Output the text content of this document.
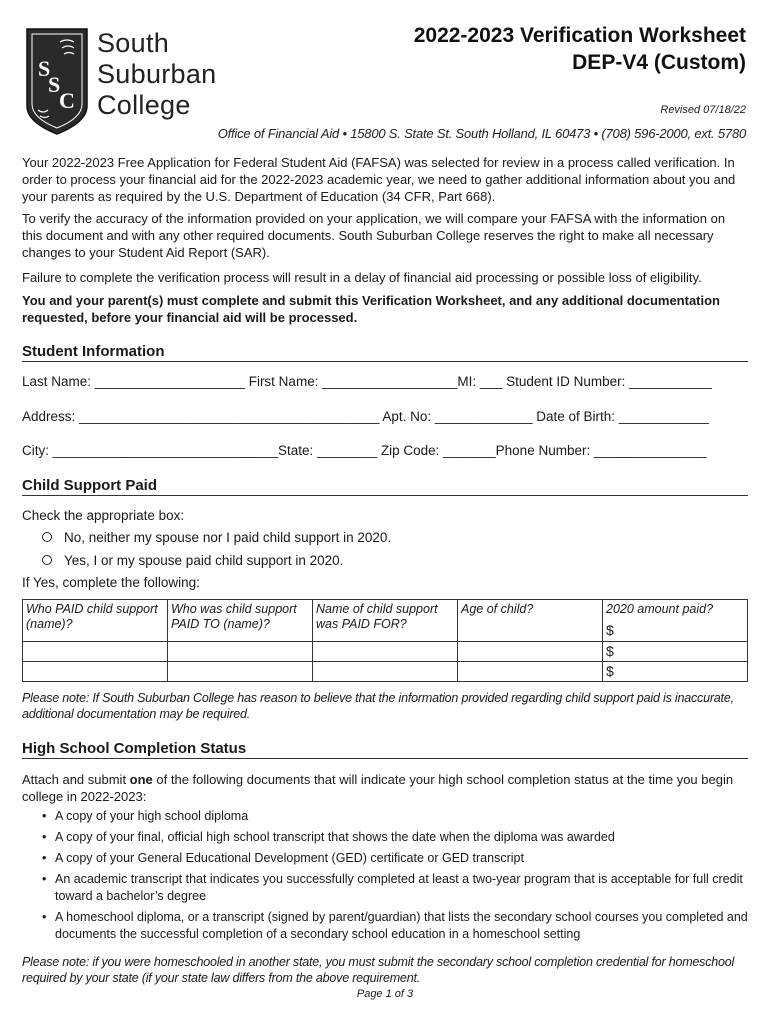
S
S
C
South
Suburban
College
2022-2023 Verification Worksheet
DEP-V4 (Custom)
Revised 07/18/22
Office of Financial Aid • 15800 S. State St. South Holland, IL 60473 • (708) 596-2000, ext. 5780

Your 2022-2023 Free Application for Federal Student Aid (FAFSA) was selected for review in a process called verification. In order to process your financial aid for the 2022-2023 academic year, we need to gather additional information about you and your parents as required by the U.S. Department of Education (34 CFR, Part 668).

To verify the accuracy of the information provided on your application, we will compare your FAFSA with the information on this document and with any other required documents. South Suburban College reserves the right to make all necessary changes to your Student Aid Report (SAR).

Failure to complete the verification process will result in a delay of financial aid processing or possible loss of eligibility.

You and your parent(s) must complete and submit this Verification Worksheet, and any additional documentation requested, before your financial aid will be processed.

Student Information
Last Name: ____________________ First Name: __________________MI: ___ Student ID Number: ___________
Address: ________________________________________ Apt. No: _____________ Date of Birth: ____________
City: ______________________________State: ________ Zip Code: _______Phone Number: _______________
Child Support Paid
Check the appropriate box:
No, neither my spouse nor I paid child support in 2020.
Yes, I or my spouse paid child support in 2020.
If Yes, complete the following:
Who PAID child support (name)?	Who was child support PAID TO (name)?	Name of child support was PAID FOR?	Age of child?	2020 amount paid?
$

				$
				$
Please note: If South Suburban College has reason to believe that the information provided regarding child support paid is inaccurate, additional documentation may be required.
High School Completion Status

Attach and submit one of the following documents that will indicate your high school completion status at the time you begin college in 2022-2023:

• A copy of your high school diploma
• A copy of your final, official high school transcript that shows the date when the diploma was awarded
• A copy of your General Educational Development (GED) certificate or GED transcript
• An academic transcript that indicates you successfully completed at least a two-year program that is acceptable for full credit toward a bachelor’s degree
• A homeschool diploma, or a transcript (signed by parent/guardian) that lists the secondary school courses you completed and documents the successful completion of a secondary school education in a homeschool setting
Please note: if you were homeschooled in another state, you must submit the secondary school completion credential for homeschool required by your state (if your state law differs from the above requirement.
Page 1 of 3
